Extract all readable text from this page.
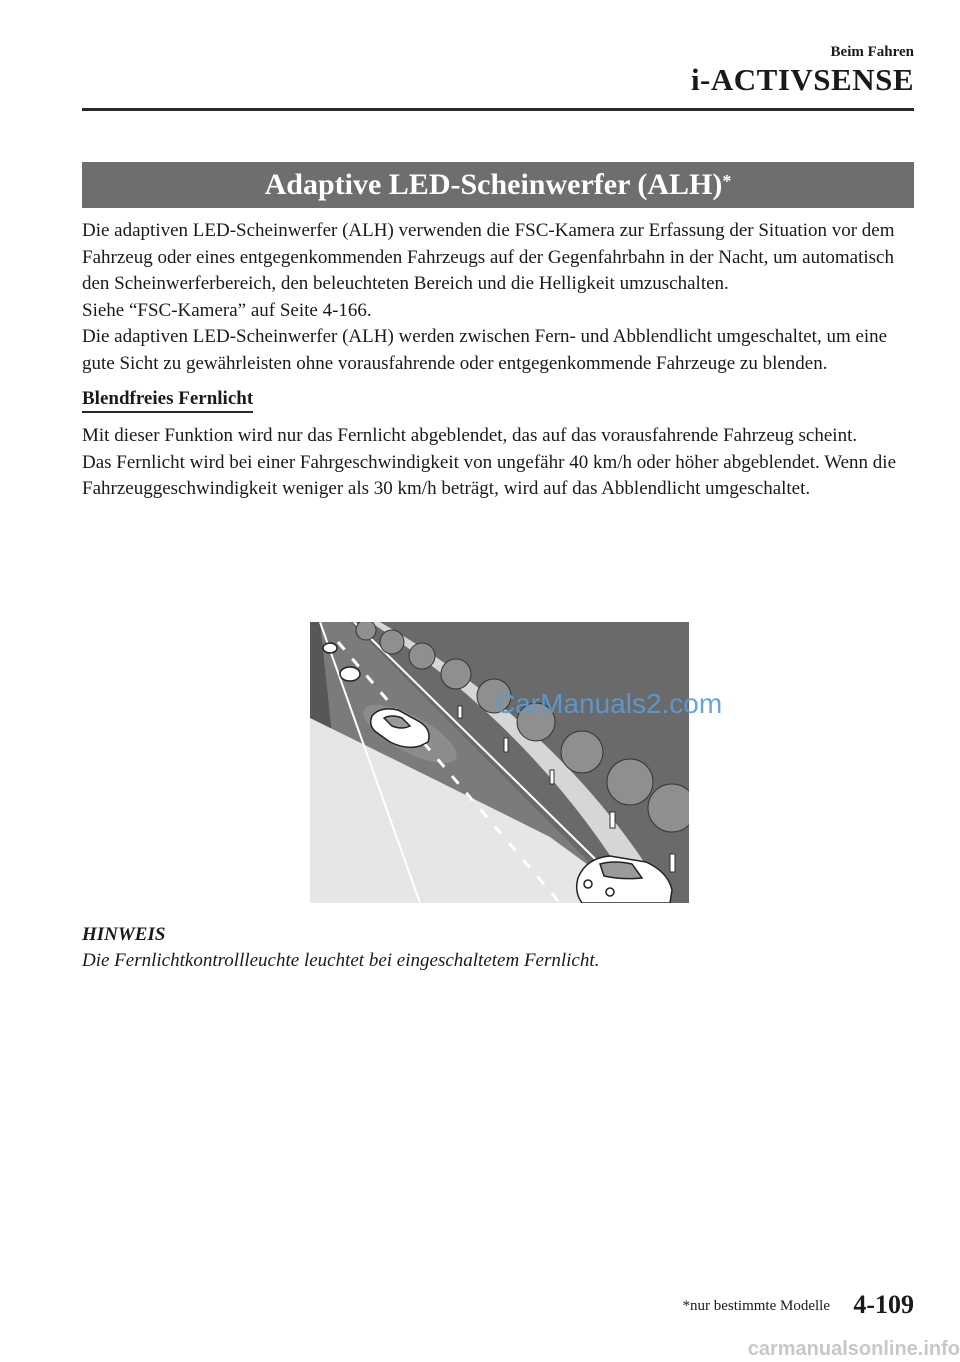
Beim Fahren
i-ACTIVSENSE
Adaptive LED-Scheinwerfer (ALH)*

Die adaptiven LED-Scheinwerfer (ALH) verwenden die FSC-Kamera zur Erfassung der Situation vor dem Fahrzeug oder eines entgegenkommenden Fahrzeugs auf der Gegenfahrbahn in der Nacht, um automatisch den Scheinwerferbereich, den beleuchteten Bereich und die Helligkeit umzuschalten.

Siehe “FSC-Kamera” auf Seite 4-166.

Die adaptiven LED-Scheinwerfer (ALH) werden zwischen Fern- und Abblendlicht umgeschaltet, um eine gute Sicht zu gewährleisten ohne vorausfahrende oder entgegenkommende Fahrzeuge zu blenden.

Blendfreies Fernlicht

Mit dieser Funktion wird nur das Fernlicht abgeblendet, das auf das vorausfahrende Fahrzeug scheint.

Das Fernlicht wird bei einer Fahrgeschwindigkeit von ungefähr 40 km/h oder höher abgeblendet. Wenn die Fahrzeuggeschwindigkeit weniger als 30 km/h beträgt, wird auf das Abblendlicht umgeschaltet.

CarManuals2.com
HINWEIS
Die Fernlichtkontrollleuchte leuchtet bei eingeschaltetem Fernlicht.
*nur bestimmte Modelle 4-109
carmanualsonline.info
